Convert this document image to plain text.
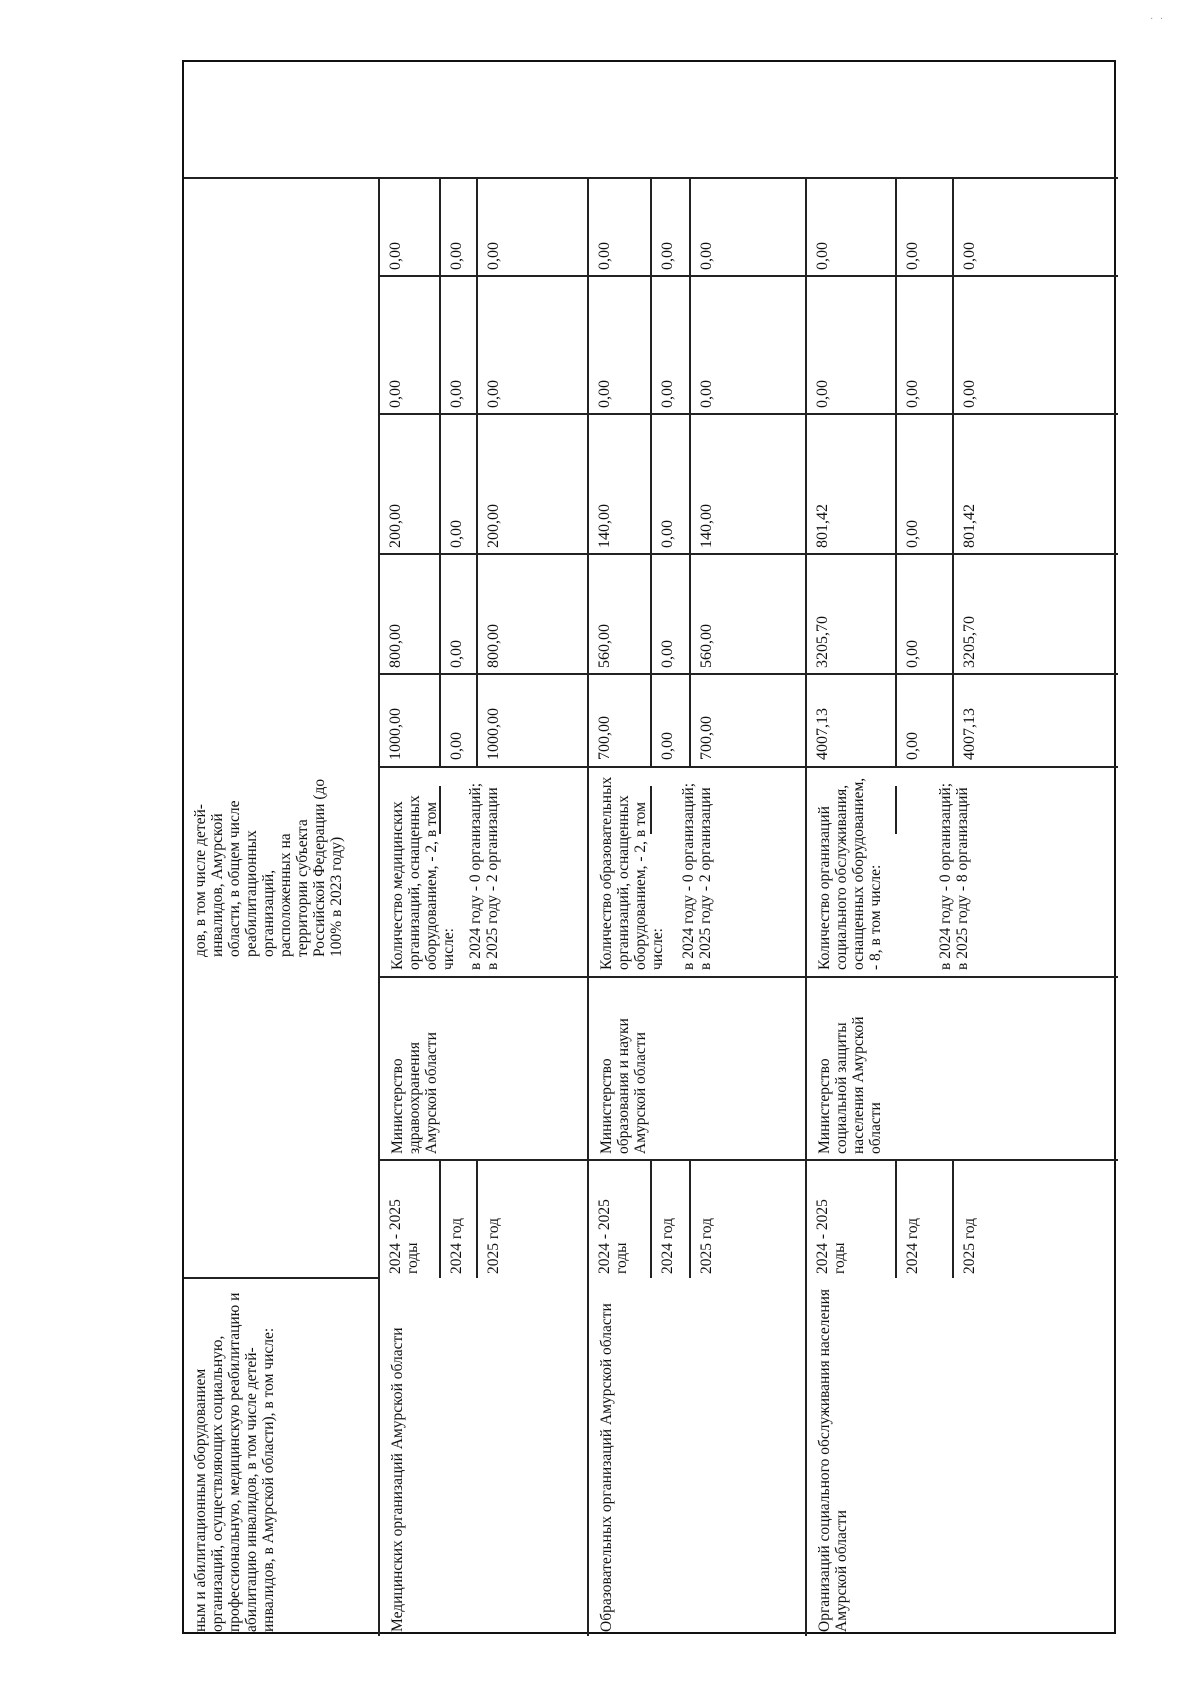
ным и абилитационным оборудованием организаций, осуществляющих социальную, профессиональную, медицинскую реабилитацию и абилитацию инвалидов, в том числе детей-инвалидов, в Амурской области), в том числе:
дов, в том числе детей-инвалидов, Амурской области, в общем числе реабилитационных организаций, расположенных на территории субъекта Российской Федерации (до 100% в 2023 году)
Медицинских организаций Амурской области
Министерство здравоохранения Амурской области
Количество медицинских организаций, оснащенных оборудованием, - 2, в том числе: в 2024 году - 0 организаций;
в 2025 году - 2 организации
2024 - 2025 годы
1000,00
800,00
200,00
0,00
0,00
2024 год
0,00
0,00
0,00
0,00
0,00
2025 год
1000,00
800,00
200,00
0,00
0,00
Образовательных организаций Амурской области
Министерство образования и науки Амурской области
Количество образовательных организаций, оснащенных оборудованием, - 2, в том числе: в 2024 году - 0 организаций;
в 2025 году - 2 организации
2024 - 2025 годы
700,00
560,00
140,00
0,00
0,00
2024 год
0,00
0,00
0,00
0,00
0,00
2025 год
700,00
560,00
140,00
0,00
0,00
Организаций социального обслуживания населения Амурской области
Министерство социальной защиты населения Амурской области
Количество организаций социального обслуживания, оснащенных оборудованием, - 8, в том числе:	в 2024 году - 0 организаций;
в 2025 году - 8 организаций
2024 - 2025 годы
4007,13
3205,70
801,42
0,00
0,00
2024 год
0,00
0,00
0,00
0,00
0,00
2025 год
4007,13
3205,70
801,42
0,00
0,00
· ·
